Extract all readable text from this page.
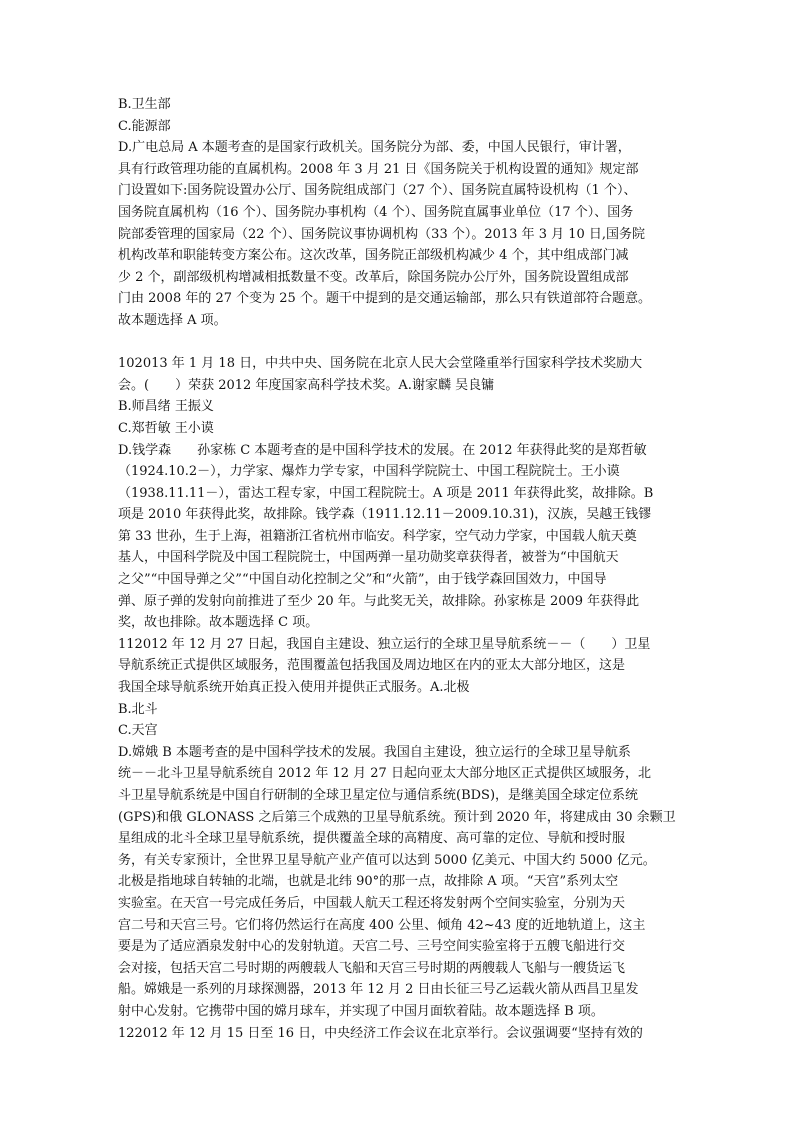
B.卫生部
C.能源部
D.广电总局 A 本题考查的是国家行政机关。国务院分为部、委，中国人民银行，审计署，
具有行政管理功能的直属机构。2008 年 3 月 21 日《国务院关于机构设置的通知》规定部
门设置如下:国务院设置办公厅、国务院组成部门（27 个）、国务院直属特设机构（1 个）、
国务院直属机构（16 个）、国务院办事机构（4 个）、国务院直属事业单位（17 个）、国务
院部委管理的国家局（22 个）、国务院议事协调机构（33 个）。2013 年 3 月 10 日,国务院
机构改革和职能转变方案公布。这次改革，国务院正部级机构减少 4 个，其中组成部门减
少 2 个，副部级机构增减相抵数量不变。改革后，除国务院办公厅外，国务院设置组成部
门由 2008 年的 27 个变为 25 个。题干中提到的是交通运输部，那么只有铁道部符合题意。
故本题选择 A 项。
102013 年 1 月 18 日，中共中央、国务院在北京人民大会堂隆重举行国家科学技术奖励大
会。(　　）荣获 2012 年度国家高科学技术奖。A.谢家麟 吴良镛
B.师昌绪 王振义
C.郑哲敏 王小谟
D.钱学森　　孙家栋 C 本题考查的是中国科学技术的发展。在 2012 年获得此奖的是郑哲敏
（1924.10.2－），力学家、爆炸力学专家，中国科学院院士、中国工程院院士。王小谟
（1938.11.11－），雷达工程专家，中国工程院院士。A 项是 2011 年获得此奖，故排除。B
项是 2010 年获得此奖，故排除。钱学森（1911.12.11－2009.10.31)，汉族，吴越王钱镠
第 33 世孙，生于上海，祖籍浙江省杭州市临安。科学家，空气动力学家，中国载人航天奠
基人，中国科学院及中国工程院院士，中国两弹一星功勋奖章获得者，被誉为“中国航天
之父”“中国导弹之父”“中国自动化控制之父”和“火箭”，由于钱学森回国效力，中国导
弹、原子弹的发射向前推进了至少 20 年。与此奖无关，故排除。孙家栋是 2009 年获得此
奖，故也排除。故本题选择 C 项。
112012 年 12 月 27 日起，我国自主建设、独立运行的全球卫星导航系统－－（　　）卫星
导航系统正式提供区域服务，范围覆盖包括我国及周边地区在内的亚太大部分地区，这是
我国全球导航系统开始真正投入使用并提供正式服务。A.北极
B.北斗
C.天宫
D.嫦娥 B 本题考查的是中国科学技术的发展。我国自主建设，独立运行的全球卫星导航系
统－－北斗卫星导航系统自 2012 年 12 月 27 日起向亚太大部分地区正式提供区域服务，北
斗卫星导航系统是中国自行研制的全球卫星定位与通信系统(BDS)，是继美国全球定位系统
(GPS)和俄 GLONASS 之后第三个成熟的卫星导航系统。预计到 2020 年，将建成由 30 余颗卫
星组成的北斗全球卫星导航系统，提供覆盖全球的高精度、高可靠的定位、导航和授时服
务，有关专家预计，全世界卫星导航产业产值可以达到 5000 亿美元、中国大约 5000 亿元。
北极是指地球自转轴的北端，也就是北纬 90°的那一点，故排除 A 项。“天宫”系列太空
实验室。在天宫一号完成任务后，中国载人航天工程还将发射两个空间实验室，分别为天
宫二号和天宫三号。它们将仍然运行在高度 400 公里、倾角 42~43 度的近地轨道上，这主
要是为了适应酒泉发射中心的发射轨道。天宫二号、三号空间实验室将于五艘飞船进行交
会对接，包括天宫二号时期的两艘载人飞船和天宫三号时期的两艘载人飞船与一艘货运飞
船。嫦娥是一系列的月球探测器，2013 年 12 月 2 日由长征三号乙运载火箭从西昌卫星发
射中心发射。它携带中国的嫦月球车，并实现了中国月面软着陆。故本题选择 B 项。
122012 年 12 月 15 日至 16 日，中央经济工作会议在北京举行。会议强调要“坚持有效的
